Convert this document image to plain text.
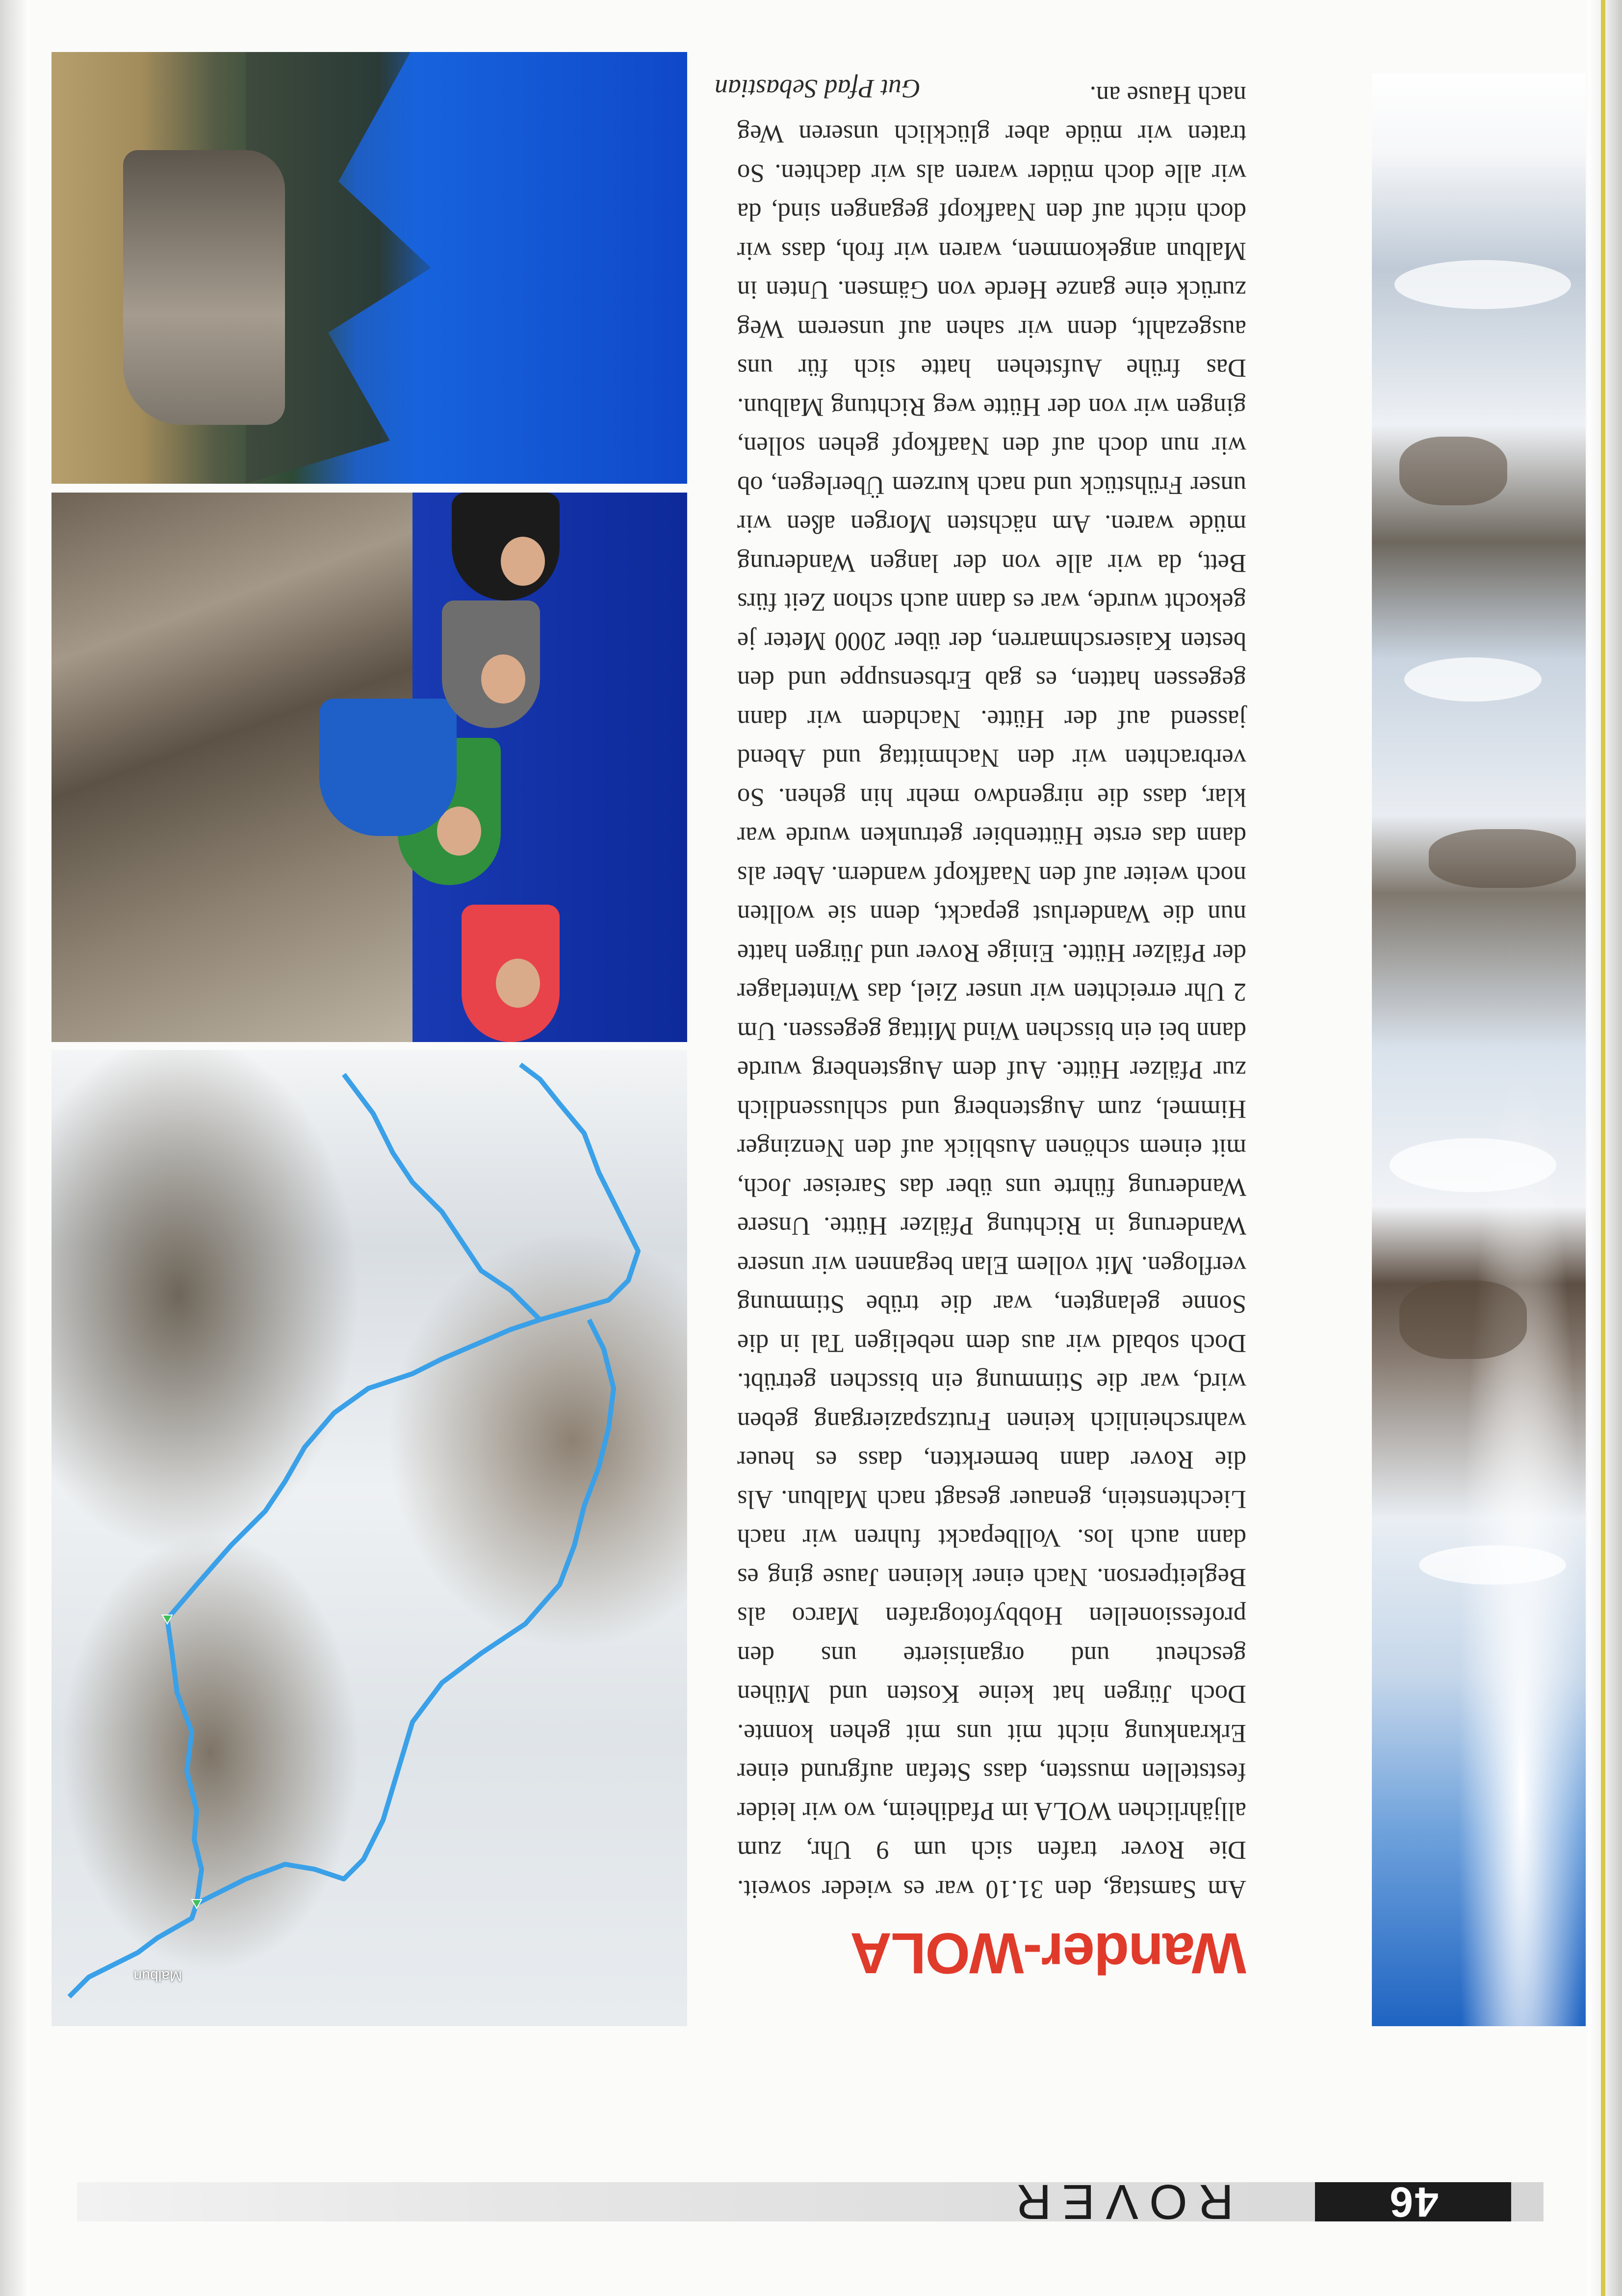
46
ROVER
Wander-WOLA

Am Samstag, den 31.10 war es wieder soweit. Die Rover trafen sich um 9 Uhr, zum alljährlichen WOLA im Pfadiheim, wo wir leider feststellen mussten, dass Stefan aufgrund einer Erkrankung nicht mit uns mit gehen konnte. Doch Jürgen hat keine Kosten und Mühen gescheut und organisierte uns den professionellen Hobbyfotografen Marco als Begleitperson. Nach einer kleinen Jause ging es dann auch los. Vollbepackt fuhren wir nach Liechtenstein, genauer gesagt nach Malbun. Als die Rover dann bemerkten, dass es heuer wahrscheinlich keinen Frutzspaziergang geben wird, war die Stimmung ein bisschen getrübt. Doch sobald wir aus dem nebeligen Tal in die Sonne gelangten, war die trübe Stimmung verflogen. Mit vollem Elan begannen wir unsere Wanderung in Richtung Pfälzer Hütte. Unsere Wanderung führte uns über das Sareiser Joch, mit einem schönen Ausblick auf den Nenzinger Himmel, zum Augstenberg und schlussendlich zur Pfälzer Hütte. Auf dem Augstenberg wurde dann bei ein bisschen Wind Mittag gegessen. Um 2 Uhr erreichten wir unser Ziel, das Winterlager der Pfälzer Hütte. Einige Rover und Jürgen hatte nun die Wanderlust gepackt, denn sie wollten noch weiter auf den Naafkopf wandern. Aber als dann das erste Hüttenbier getrunken wurde war klar, dass die nirgendwo mehr hin gehen. So verbrachten wir den Nachmittag und Abend jassend auf der Hütte. Nachdem wir dann gegessen hatten, es gab Erbsensuppe und den besten Kaiserschmarren, der über 2000 Meter je gekocht wurde, war es dann auch schon Zeit fürs Bett, da wir alle von der langen Wanderung müde waren. Am nächsten Morgen aßen wir unser Frühstück und nach kurzem Überlegen, ob wir nun doch auf den Naafkopf gehen sollen, gingen wir von der Hütte weg Richtung Malbun. Das frühe Aufstehen hatte sich für uns ausgezahlt, denn wir sahen auf unserem Weg zurück eine ganze Herde von Gämsen. Unten in Malbun angekommen, waren wir froh, dass wir doch nicht auf den Naafkopf gegangen sind, da wir alle doch müder waren als wir dachten. So traten wir müde aber glücklich unseren Weg nach Hause an.

Gut Pfad Sebastian
Malbun
